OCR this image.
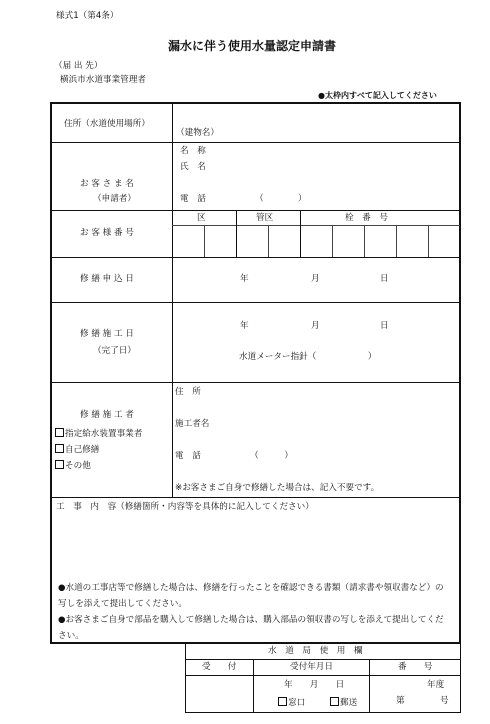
様式1（第4条）
漏水に伴う使用水量認定申請書
（届 出 先）
横浜市水道事業管理者
●太枠内すべて記入してください
住所（水道使用場所）
（建物名）
お 客 さ ま 名
（申請者）
名　称
氏　名
電　話	（　　　　）
お 客 様 番 号
区	管区	栓　番　号
修 繕 申 込 日	年	月	日
修 繕 施 工 日
（完了日）
年	月	日
水道メーター指針（　　　　　　）
修 繕 施 工 者
指定給水装置事業者
自己修繕
その他
住　所
施工者名
電　話	（　　　）
※お客さまご自身で修繕した場合は、記入不要です。
工　事　内　容（修繕箇所・内容等を具体的に記入してください）
●水道の工事店等で修繕した場合は、修繕を行ったことを確認できる書類（請求書や領収書など）の写しを添えて提出してください。
●お客さまご自身で部品を購入して修繕した場合は、購入部品の領収書の写しを添えて提出してください。
水　道　局　使　用　欄
受　　付	受付年月日	番　　号
年　　月　　日
窓口	郵送
年度
第	号
